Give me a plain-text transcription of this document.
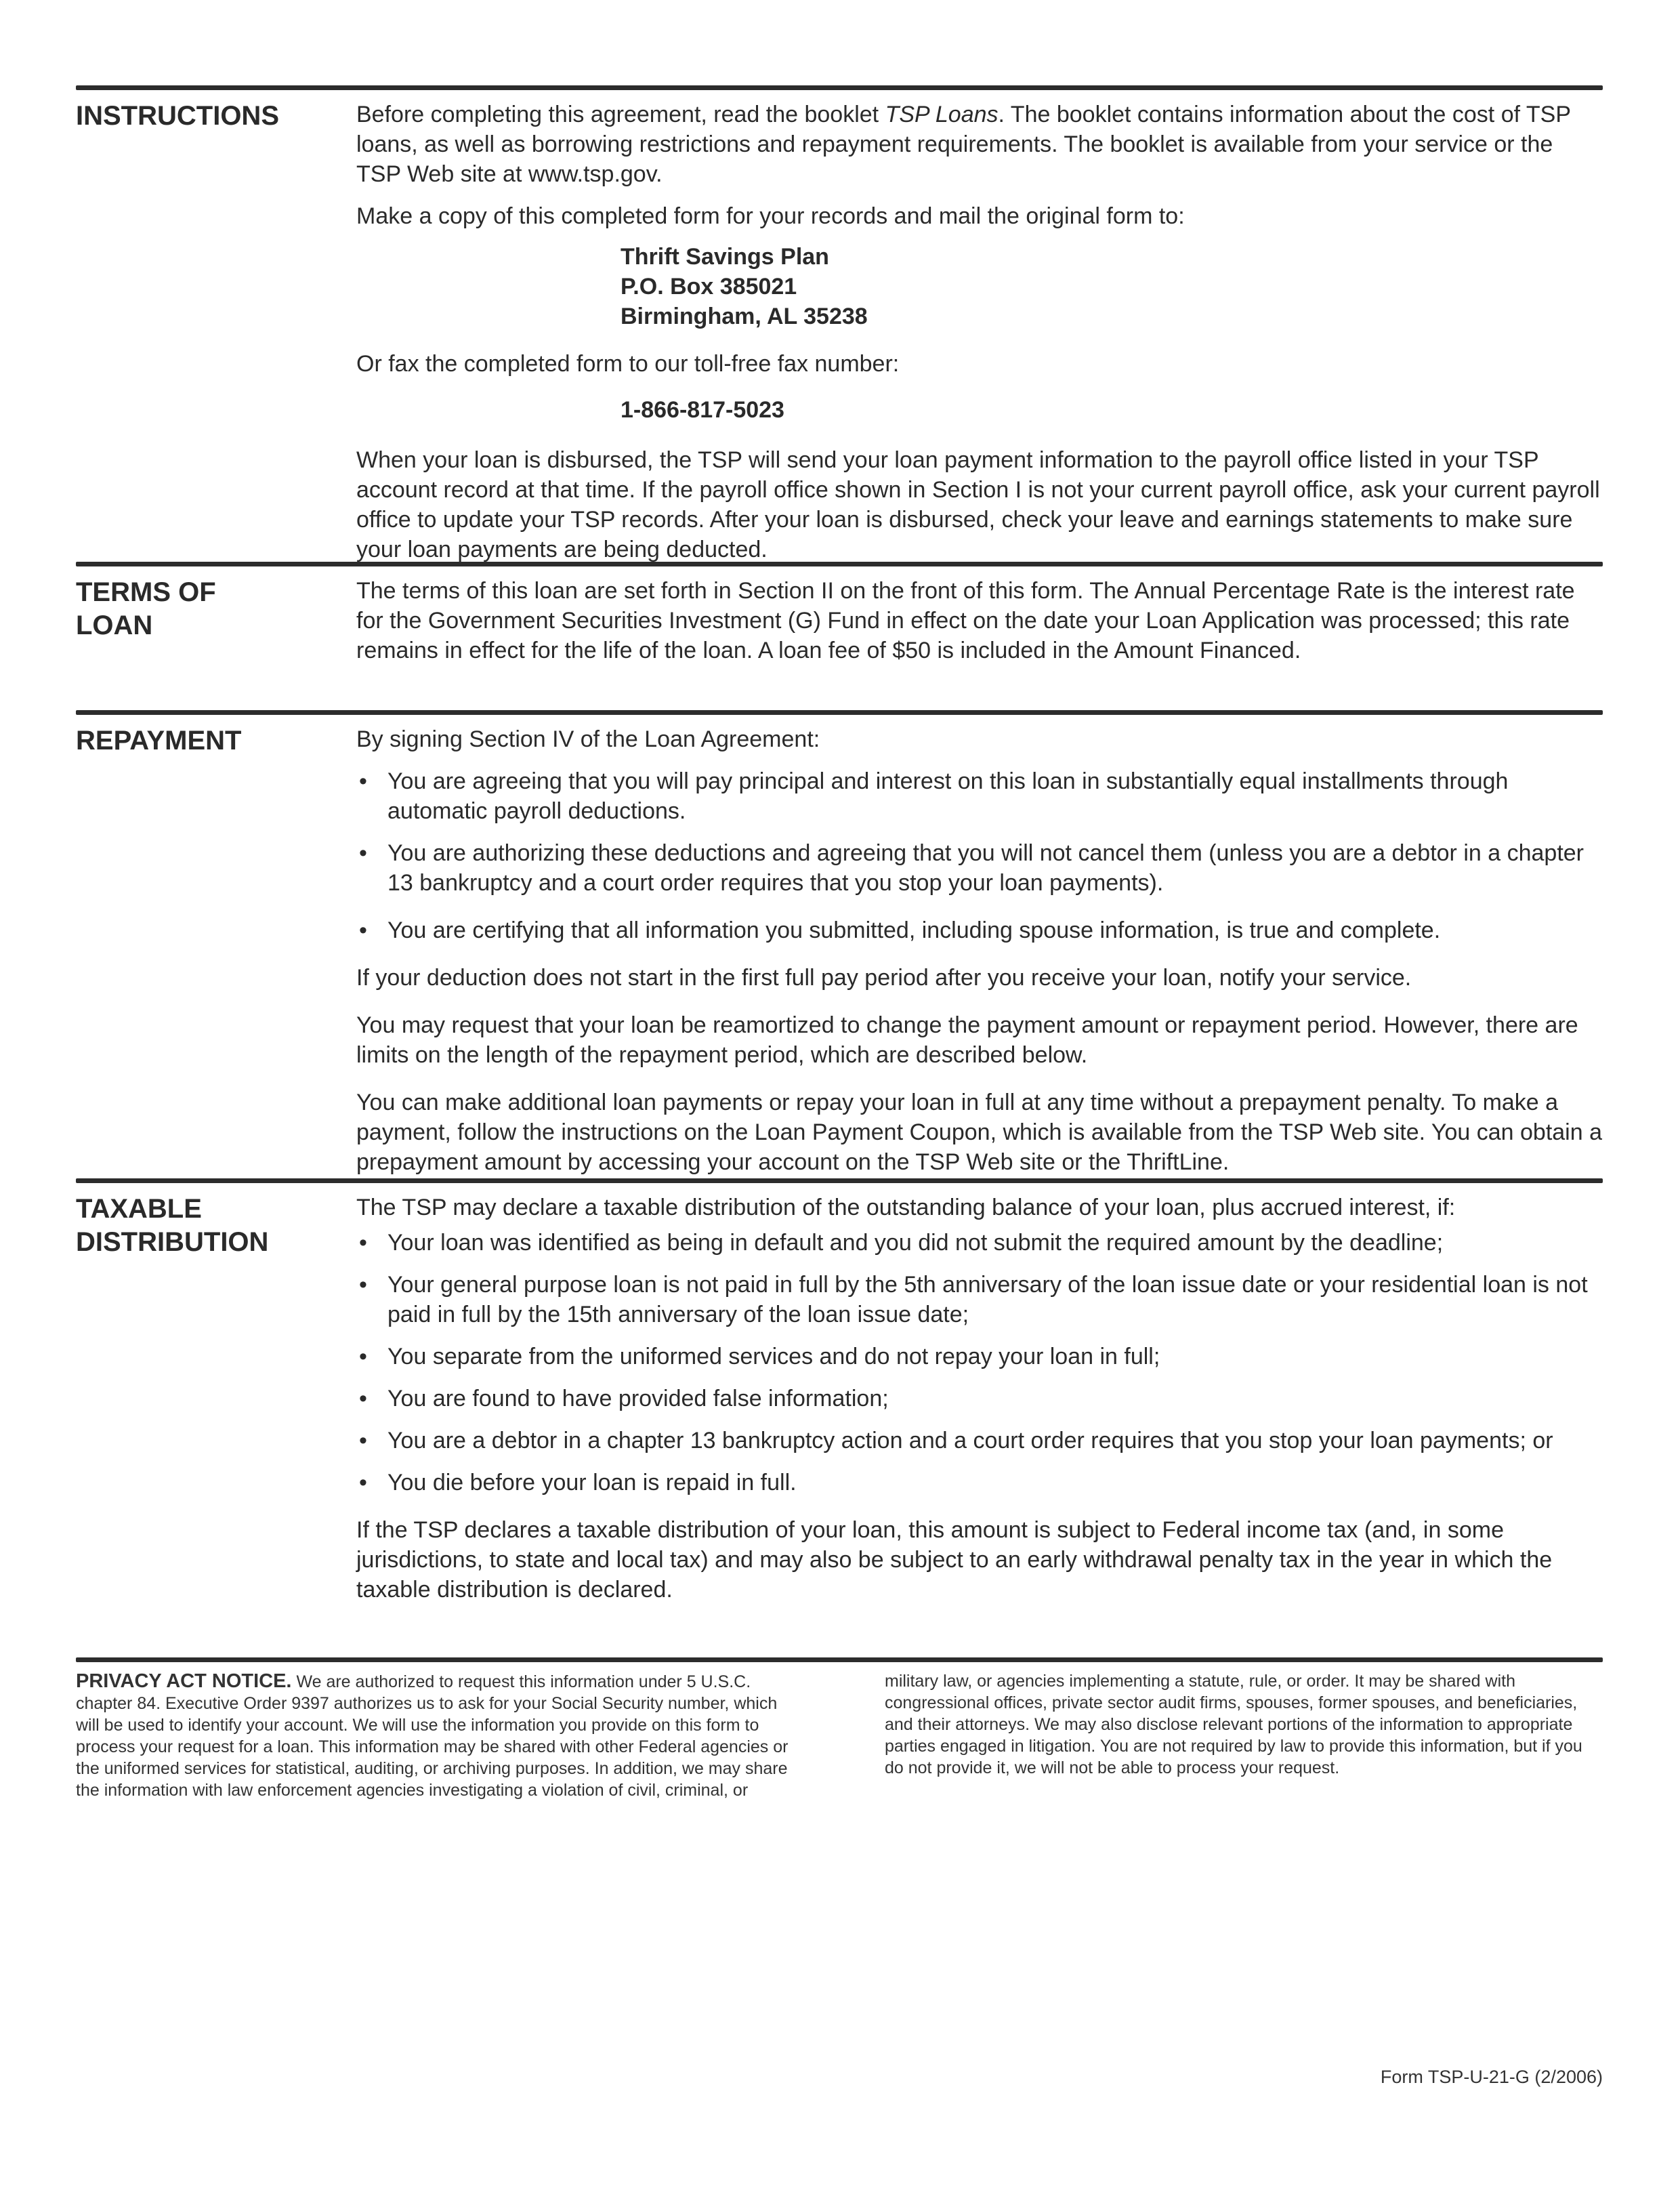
INSTRUCTIONS	Before completing this agreement, read the booklet TSP Loans. The booklet contains information about the cost of TSP loans, as well as borrowing restrictions and repayment requirements. The booklet is available from your service or the TSP Web site at www.tsp.gov.

Make a copy of this completed form for your records and mail the original form to:

Thrift Savings Plan
P.O. Box 385021
Birmingham, AL 35238

Or fax the completed form to our toll-free fax number:

1-866-817-5023

When your loan is disbursed, the TSP will send your loan payment information to the payroll office listed in your TSP account record at that time. If the payroll office shown in Section I is not your current payroll office, ask your current payroll office to update your TSP records. After your loan is disbursed, check your leave and earnings statements to make sure your loan payments are being deducted.

TERMS OF
LOAN

The terms of this loan are set forth in Section II on the front of this form. The Annual Percentage Rate is the interest rate for the Government Securities Investment (G) Fund in effect on the date your Loan Application was processed; this rate remains in effect for the life of the loan. A loan fee of $50 is included in the Amount Financed.

REPAYMENT	By signing Section IV of the Loan Agreement:

• You are agreeing that you will pay principal and interest on this loan in substantially equal installments through automatic payroll deductions.
• You are authorizing these deductions and agreeing that you will not cancel them (unless you are a debtor in a chapter 13 bankruptcy and a court order requires that you stop your loan payments).
• You are certifying that all information you submitted, including spouse information, is true and complete.

If your deduction does not start in the first full pay period after you receive your loan, notify your service.

You may request that your loan be reamortized to change the payment amount or repayment period. However, there are limits on the length of the repayment period, which are described below.

You can make additional loan payments or repay your loan in full at any time without a prepayment penalty. To make a payment, follow the instructions on the Loan Payment Coupon, which is available from the TSP Web site. You can obtain a prepayment amount by accessing your account on the TSP Web site or the ThriftLine.

TAXABLE
DISTRIBUTION

The TSP may declare a taxable distribution of the outstanding balance of your loan, plus accrued interest, if:

• Your loan was identified as being in default and you did not submit the required amount by the deadline;
• Your general purpose loan is not paid in full by the 5th anniversary of the loan issue date or your residential loan is not paid in full by the 15th anniversary of the loan issue date;
• You separate from the uniformed services and do not repay your loan in full;
• You are found to have provided false information;
• You are a debtor in a chapter 13 bankruptcy action and a court order requires that you stop your loan payments; or
• You die before your loan is repaid in full.

If the TSP declares a taxable distribution of your loan, this amount is subject to Federal income tax (and, in some jurisdictions, to state and local tax) and may also be subject to an early withdrawal penalty tax in the year in which the taxable distribution is declared.

PRIVACY ACT NOTICE. We are authorized to request this information under 5 U.S.C. chapter 84. Executive Order 9397 authorizes us to ask for your Social Security number, which will be used to identify your account. We will use the information you provide on this form to process your request for a loan. This information may be shared with other Federal agencies or the uniformed services for statistical, auditing, or archiving purposes. In addition, we may share the information with law enforcement agencies investigating a violation of civil, criminal, or
military law, or agencies implementing a statute, rule, or order. It may be shared with congressional offices, private sector audit firms, spouses, former spouses, and beneficiaries, and their attorneys. We may also disclose relevant portions of the information to appropriate parties engaged in litigation. You are not required by law to provide this information, but if you do not provide it, we will not be able to process your request.
Form TSP-U-21-G (2/2006)
